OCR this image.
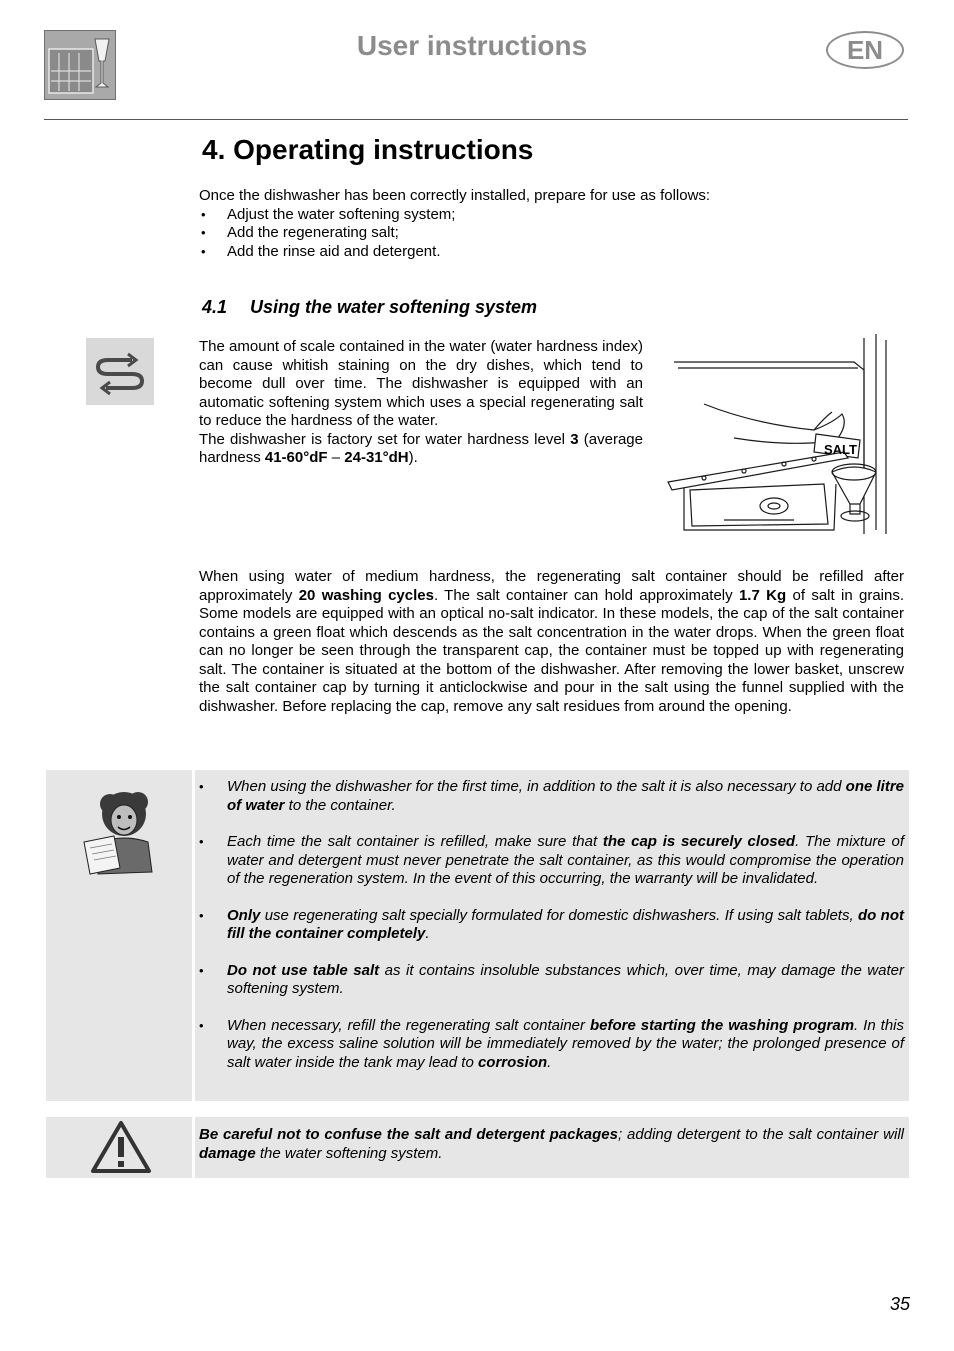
User instructions	EN
4. Operating instructions
Once the dishwasher has been correctly installed, prepare for use as follows:
• Adjust the water softening system;
• Add the regenerating salt;
• Add the rinse aid and detergent.
4.1 Using the water softening system

The amount of scale contained in the water (water hardness index) can cause whitish staining on the dry dishes, which tend to become dull over time. The dishwasher is equipped with an automatic softening system which uses a special regenerating salt to reduce the hardness of the water.

The dishwasher is factory set for water hardness level 3 (average hardness 41-60°dF – 24-31°dH).	SALT
When using water of medium hardness, the regenerating salt container should be refilled after approximately 20 washing cycles. The salt container can hold approximately 1.7 Kg of salt in grains. Some models are equipped with an optical no-salt indicator. In these models, the cap of the salt container contains a green float which descends as the salt concentration in the water drops. When the green float can no longer be seen through the transparent cap, the container must be topped up with regenerating salt. The container is situated at the bottom of the dishwasher. After removing the lower basket, unscrew the salt container cap by turning it anticlockwise and pour in the salt using the funnel supplied with the dishwasher. Before replacing the cap, remove any salt residues from around the opening.
• When using the dishwasher for the first time, in addition to the salt it is also necessary to add one litre of water to the container.
• Each time the salt container is refilled, make sure that the cap is securely closed. The mixture of water and detergent must never penetrate the salt container, as this would compromise the operation of the regeneration system. In the event of this occurring, the warranty will be invalidated.
• Only use regenerating salt specially formulated for domestic dishwashers. If using salt tablets, do not fill the container completely.
• Do not use table salt as it contains insoluble substances which, over time, may damage the water softening system.
• When necessary, refill the regenerating salt container before starting the washing program. In this way, the excess saline solution will be immediately removed by the water; the prolonged presence of salt water inside the tank may lead to corrosion.
Be careful not to confuse the salt and detergent packages; adding detergent to the salt container will damage the water softening system.
35
